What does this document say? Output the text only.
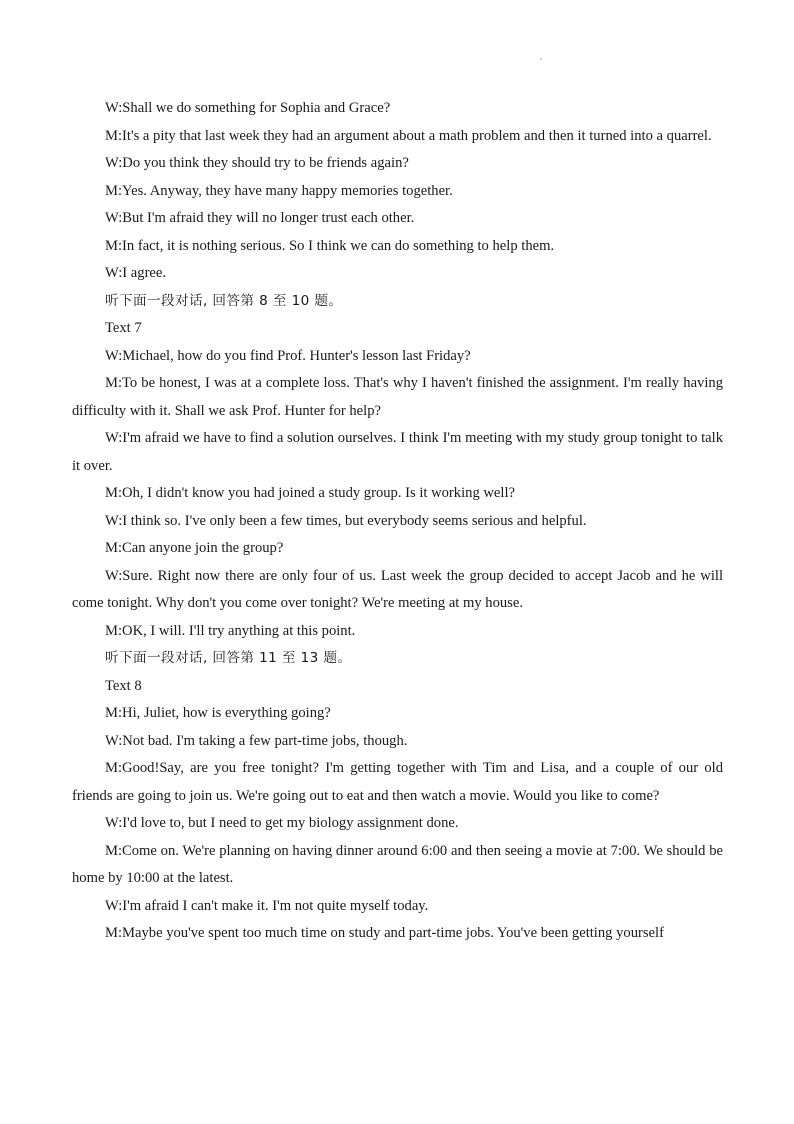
W:Shall we do something for Sophia and Grace?

M:It's a pity that last week they had an argument about a math problem and then it turned into a quarrel.

W:Do you think they should try to be friends again?

M:Yes. Anyway, they have many happy memories together.

W:But I'm afraid they will no longer trust each other.

M:In fact, it is nothing serious. So I think we can do something to help them.

W:I agree.

听下面一段对话, 回答第 8 至 10 题。

Text 7

W:Michael, how do you find Prof. Hunter's lesson last Friday?

M:To be honest, I was at a complete loss. That's why I haven't finished the assignment. I'm really having difficulty with it. Shall we ask Prof. Hunter for help?

W:I'm afraid we have to find a solution ourselves. I think I'm meeting with my study group tonight to talk it over.

M:Oh, I didn't know you had joined a study group. Is it working well?

W:I think so. I've only been a few times, but everybody seems serious and helpful.

M:Can anyone join the group?

W:Sure. Right now there are only four of us. Last week the group decided to accept Jacob and he will come tonight. Why don't you come over tonight? We're meeting at my house.

M:OK, I will. I'll try anything at this point.

听下面一段对话, 回答第 11 至 13 题。

Text 8

M:Hi, Juliet, how is everything going?

W:Not bad. I'm taking a few part-time jobs, though.

M:Good!Say, are you free tonight? I'm getting together with Tim and Lisa, and a couple of our old friends are going to join us. We're going out to eat and then watch a movie. Would you like to come?

W:I'd love to, but I need to get my biology assignment done.

M:Come on. We're planning on having dinner around 6:00 and then seeing a movie at 7:00. We should be home by 10:00 at the latest.

W:I'm afraid I can't make it. I'm not quite myself today.

M:Maybe you've spent too much time on study and part-time jobs. You've been getting yourself
